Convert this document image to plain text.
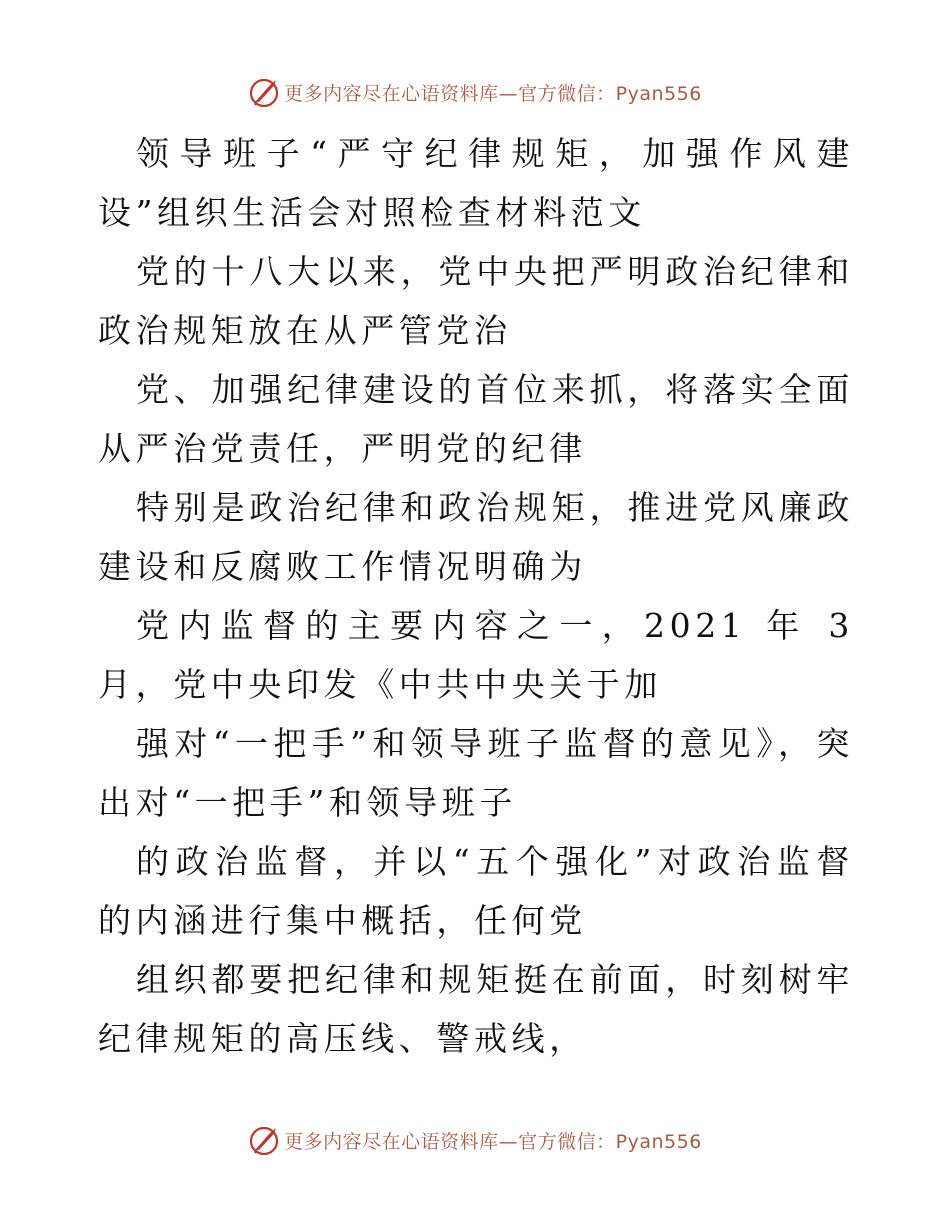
更多内容尽在心语资料库—官方微信：Pyan556

领导班子“严守纪律规矩，加强作风建设”组织生活会对照检查材料范文

党的十八大以来，党中央把严明政治纪律和政治规矩放在从严管党治

党、加强纪律建设的首位来抓，将落实全面从严治党责任，严明党的纪律

特别是政治纪律和政治规矩，推进党风廉政建设和反腐败工作情况明确为

党内监督的主要内容之一，2021 年 3 月，党中央印发《中共中央关于加

强对“一把手”和领导班子监督的意见》，突出对“一把手”和领导班子

的政治监督，并以“五个强化”对政治监督的内涵进行集中概括，任何党

组织都要把纪律和规矩挺在前面，时刻树牢纪律规矩的高压线、警戒线，

更多内容尽在心语资料库—官方微信：Pyan556
